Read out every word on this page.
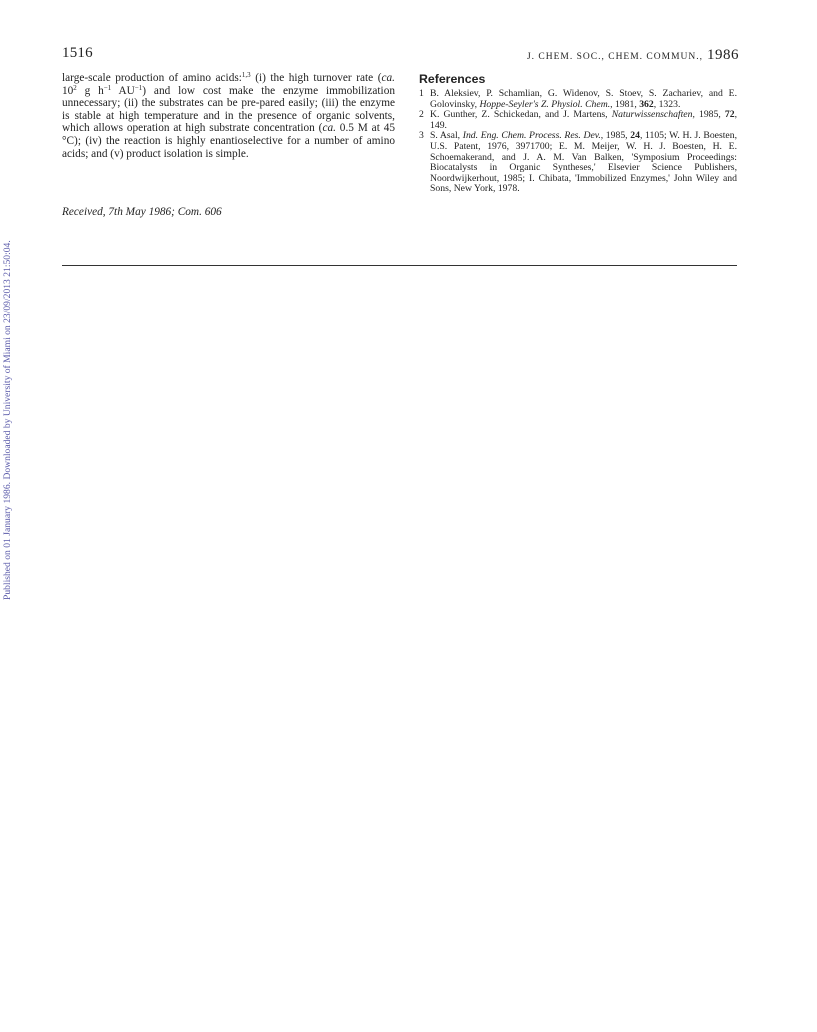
1516	J. CHEM. SOC., CHEM. COMMUN., 1986
Published on 01 January 1986. Downloaded by University of Miami on 23/09/2013 21:50:04.

large-scale production of amino acids:$^{1,3}$ (i) the high turnover rate (ca. $10^2$ g $h^{-1}$ $AU^{-1}$) and low cost make the enzyme immobilization unnecessary; (ii) the substrates can be pre-pared easily; (iii) the enzyme is stable at high temperature and in the presence of organic solvents, which allows operation at high substrate concentration (ca. 0.5 M at 45 °C); (iv) the reaction is highly enantioselective for a number of amino acids; and (v) product isolation is simple.

Received, 7th May 1986; Com. 606
References
1 B. Aleksiev, P. Schamlian, G. Widenov, S. Stoev, S. Zachariev, and E. Golovinsky, Hoppe-Seyler's Z. Physiol. Chem., 1981, 362, 1323.
2 K. Gunther, Z. Schickedan, and J. Martens, Naturwissenschaften, 1985, 72, 149.
3 S. Asal, Ind. Eng. Chem. Process. Res. Dev., 1985, 24, 1105; W. H. J. Boesten, U.S. Patent, 1976, 3971700; E. M. Meijer, W. H. J. Boesten, H. E. Schoemakerand, and J. A. M. Van Balken, 'Symposium Proceedings: Biocatalysts in Organic Syntheses,' Elsevier Science Publishers, Noordwijkerhout, 1985; I. Chibata, 'Immobilized Enzymes,' John Wiley and Sons, New York, 1978.
